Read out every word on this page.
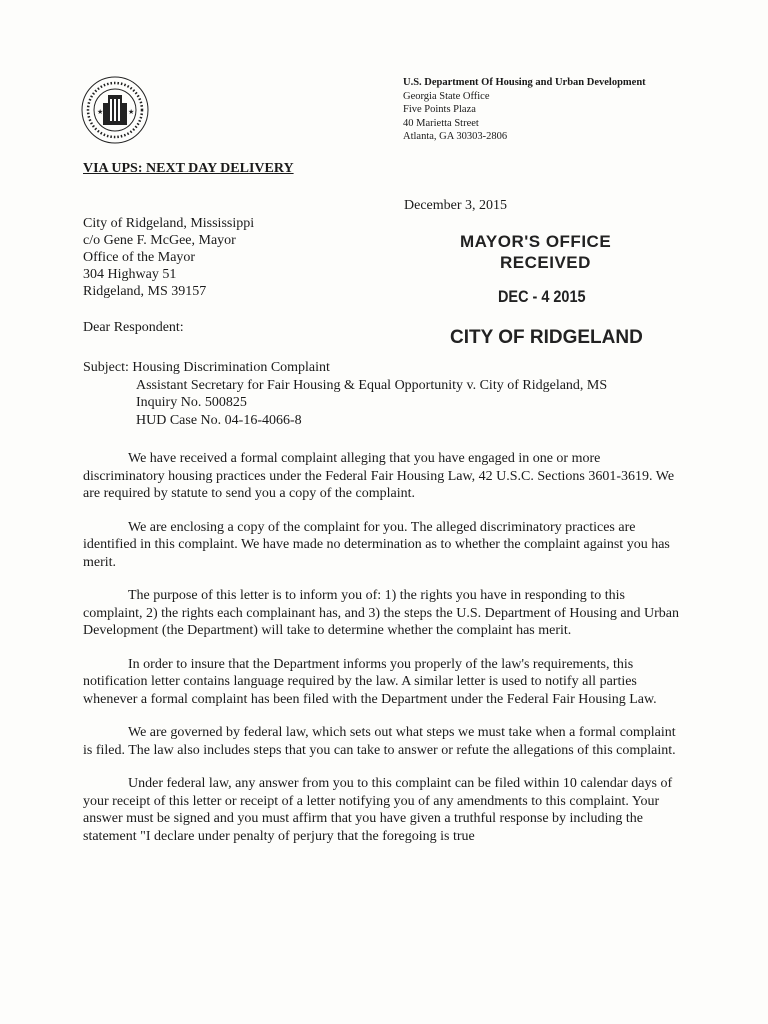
★	★
U.S. Department Of Housing and Urban Development
Georgia State Office
Five Points Plaza
40 Marietta Street
Atlanta, GA 30303-2806
VIA UPS: NEXT DAY DELIVERY
December 3, 2015
City of Ridgeland, Mississippi
c/o Gene F. McGee, Mayor
Office of the Mayor
304 Highway 51
Ridgeland, MS 39157
MAYOR'S OFFICE
RECEIVED
DEC - 4 2015
CITY OF RIDGELAND
Dear Respondent:
Subject: Housing Discrimination Complaint
Assistant Secretary for Fair Housing & Equal Opportunity v. City of Ridgeland, MS
Inquiry No. 500825
HUD Case No. 04-16-4066-8

We have received a formal complaint alleging that you have engaged in one or more discriminatory housing practices under the Federal Fair Housing Law, 42 U.S.C. Sections 3601-3619. We are required by statute to send you a copy of the complaint.

We are enclosing a copy of the complaint for you. The alleged discriminatory practices are identified in this complaint. We have made no determination as to whether the complaint against you has merit.

The purpose of this letter is to inform you of: 1) the rights you have in responding to this complaint, 2) the rights each complainant has, and 3) the steps the U.S. Department of Housing and Urban Development (the Department) will take to determine whether the complaint has merit.

In order to insure that the Department informs you properly of the law's requirements, this notification letter contains language required by the law. A similar letter is used to notify all parties whenever a formal complaint has been filed with the Department under the Federal Fair Housing Law.

We are governed by federal law, which sets out what steps we must take when a formal complaint is filed. The law also includes steps that you can take to answer or refute the allegations of this complaint.

Under federal law, any answer from you to this complaint can be filed within 10 calendar days of your receipt of this letter or receipt of a letter notifying you of any amendments to this complaint. Your answer must be signed and you must affirm that you have given a truthful response by including the statement "I declare under penalty of perjury that the foregoing is true
